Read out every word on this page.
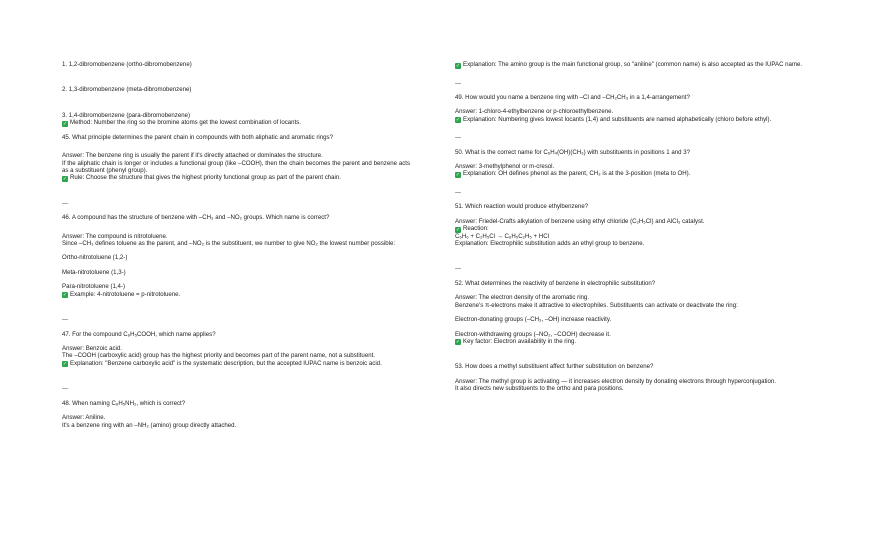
1. 1,2-dibromobenzene (ortho-dibromobenzene)

2. 1,3-dibromobenzene (meta-dibromobenzene)

3. 1,4-dibromobenzene (para-dibromobenzene)

✓ Method: Number the ring so the bromine atoms get the lowest combination of locants.

45. What principle determines the parent chain in compounds with both aliphatic and aromatic rings?

Answer: The benzene ring is usually the parent if it's directly attached or dominates the structure.

If the aliphatic chain is longer or includes a functional group (like –COOH), then the chain becomes the parent and benzene acts as a substituent (phenyl group).

✓ Rule: Choose the structure that gives the highest priority functional group as part of the parent chain.

---

46. A compound has the structure of benzene with –CH₃ and –NO₂ groups. Which name is correct?

Answer: The compound is nitrotoluene.

Since –CH₃ defines toluene as the parent, and –NO₂ is the substituent, we number to give NO₂ the lowest number possible:

Ortho-nitrotoluene (1,2-)

Meta-nitrotoluene (1,3-)

Para-nitrotoluene (1,4-)

✓ Example: 4-nitrotoluene = p-nitrotoluene.

---

47. For the compound C₆H₅COOH, which name applies?

Answer: Benzoic acid.

The –COOH (carboxylic acid) group has the highest priority and becomes part of the parent name, not a substituent.

✓ Explanation: "Benzene carboxylic acid" is the systematic description, but the accepted IUPAC name is benzoic acid.

---

48. When naming C₆H₅NH₂, which is correct?

Answer: Aniline.

It's a benzene ring with an –NH₂ (amino) group directly attached.

✓ Explanation: The amino group is the main functional group, so "aniline" (common name) is also accepted as the IUPAC name.

---

49. How would you name a benzene ring with –Cl and –CH₂CH₃ in a 1,4-arrangement?

Answer: 1-chloro-4-ethylbenzene or p-chloroethylbenzene.

✓ Explanation: Numbering gives lowest locants (1,4) and substituents are named alphabetically (chloro before ethyl).

---

50. What is the correct name for C₆H₄(OH)(CH₃) with substituents in positions 1 and 3?

Answer: 3-methylphenol or m-cresol.

✓ Explanation: OH defines phenol as the parent, CH₃ is at the 3-position (meta to OH).

---

51. Which reaction would produce ethylbenzene?

Answer: Friedel-Crafts alkylation of benzene using ethyl chloride (C₂H₅Cl) and AlCl₃ catalyst.

✓ Reaction:

C₆H₆ + C₂H₅Cl → C₆H₅C₂H₅ + HCl

Explanation: Electrophilic substitution adds an ethyl group to benzene.

---

52. What determines the reactivity of benzene in electrophilic substitution?

Answer: The electron density of the aromatic ring.

Benzene's π-electrons make it attractive to electrophiles. Substituents can activate or deactivate the ring:

Electron-donating groups (–CH₃, –OH) increase reactivity.

Electron-withdrawing groups (–NO₂, –COOH) decrease it.

✓ Key factor: Electron availability in the ring.

53. How does a methyl substituent affect further substitution on benzene?

Answer: The methyl group is activating — it increases electron density by donating electrons through hyperconjugation.

It also directs new substituents to the ortho and para positions.
